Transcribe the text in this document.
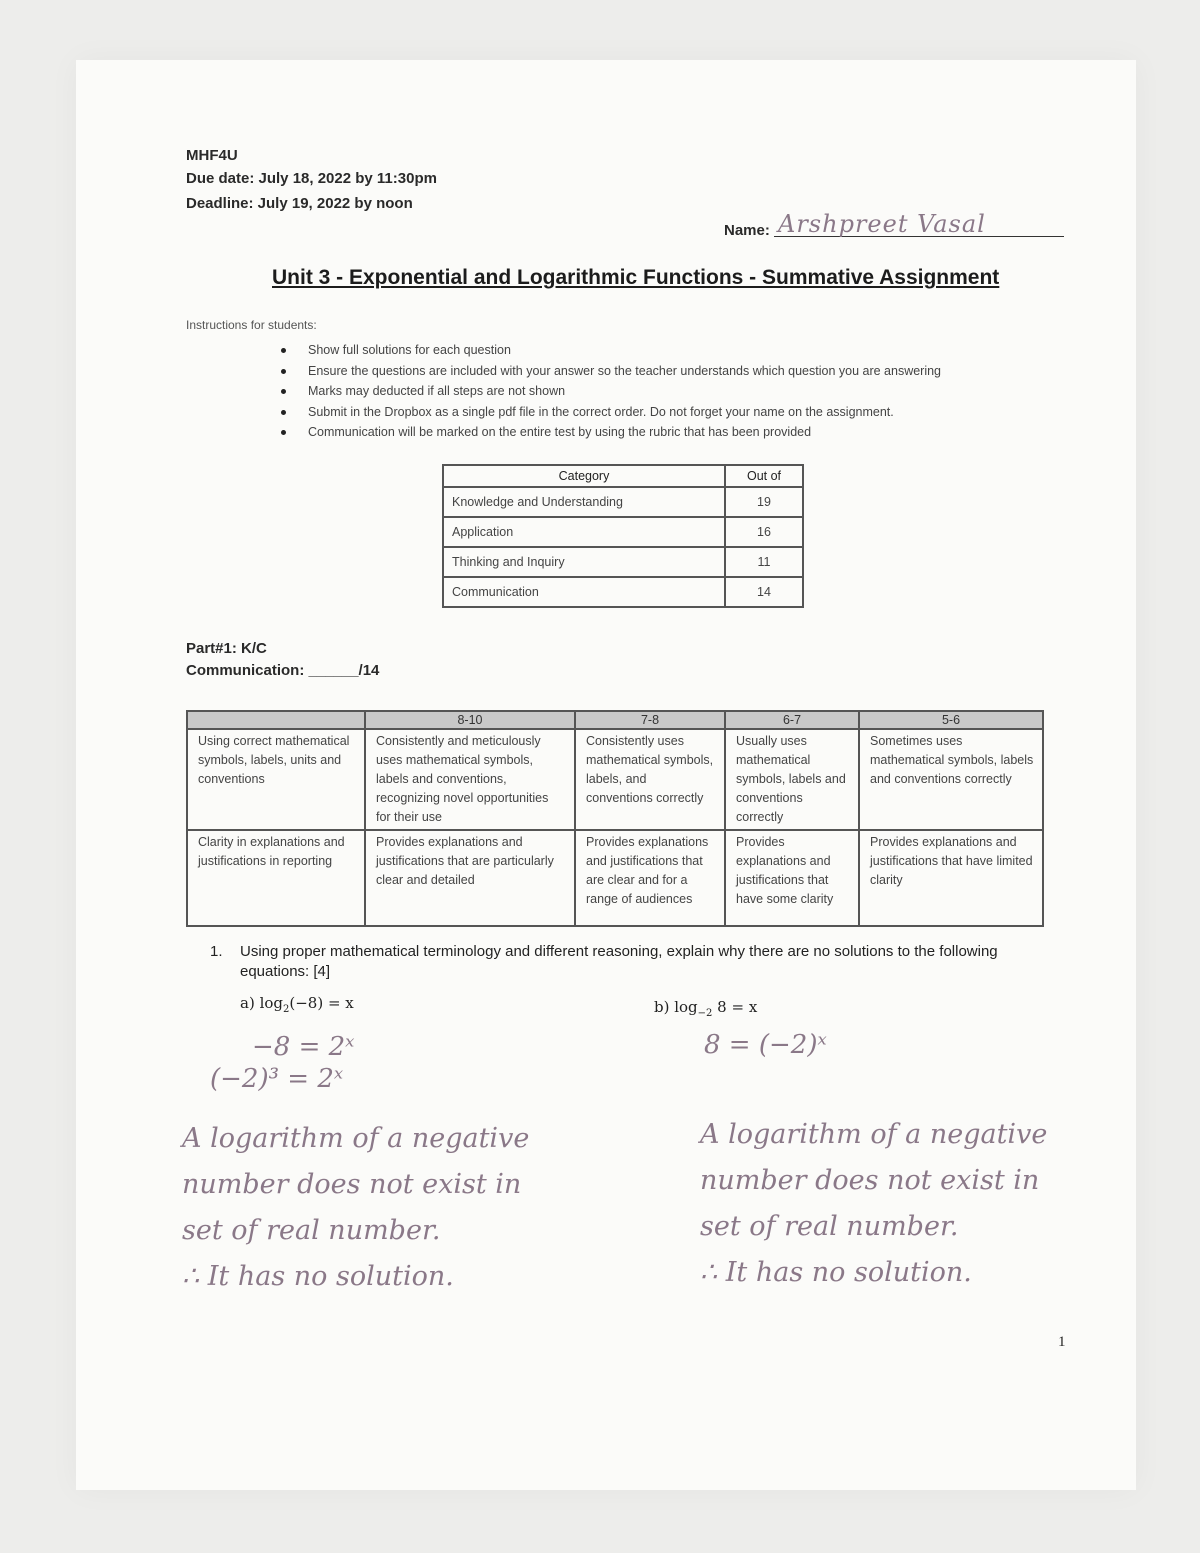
MHF4U
Due date: July 18, 2022 by 11:30pm
Deadline: July 19, 2022 by noon
Name: Arshpreet Vasal
Unit 3 - Exponential and Logarithmic Functions - Summative Assignment
Instructions for students:
Show full solutions for each question
Ensure the questions are included with your answer so the teacher understands which question you are answering
Marks may deducted if all steps are not shown
Submit in the Dropbox as a single pdf file in the correct order. Do not forget your name on the assignment.
Communication will be marked on the entire test by using the rubric that has been provided
Category	Out of
Knowledge and Understanding	19
Application	16
Thinking and Inquiry	11
Communication	14
Part#1: K/C
Communication: ______/14
	8-10	7-8	6-7	5-6
Using correct mathematical symbols, labels, units and conventions	Consistently and meticulously uses mathematical symbols, labels and conventions, recognizing novel opportunities for their use	Consistently uses mathematical symbols, labels, and conventions correctly	Usually uses mathematical symbols, labels and conventions correctly	Sometimes uses mathematical symbols, labels and conventions correctly
Clarity in explanations and justifications in reporting	Provides explanations and justifications that are particularly clear and detailed	Provides explanations and justifications that are clear and for a range of audiences	Provides explanations and justifications that have some clarity	Provides explanations and justifications that have limited clarity
1.	Using proper mathematical terminology and different reasoning, explain why there are no solutions to the following equations: [4]
a) $\log_2(-8) = x$	b) $\log_{-2} 8 = x$
−8 = 2ˣ
(−2)³ = 2ˣ
A logarithm of a negative
number does not exist in
set of real number.
∴ It has no solution.
8 = (−2)ˣ
A logarithm of a negative
number does not exist in
set of real number.
∴ It has no solution.
1
